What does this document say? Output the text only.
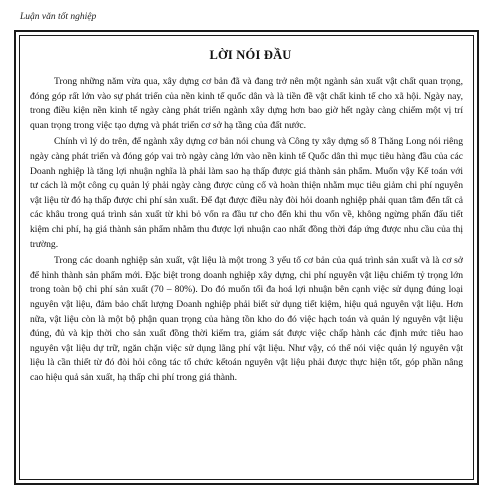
Luận văn tốt nghiệp
LỜI NÓI ĐẦU

Trong những năm vừa qua, xây dựng cơ bản đã và đang trở nên một ngành sản xuất vật chất quan trọng, đóng góp rất lớn vào sự phát triển của nền kinh tế quốc dân và là tiền đề vật chất kinh tế cho xã hội. Ngày nay, trong điều kiện nền kinh tế ngày càng phát triển ngành xây dựng hơn bao giờ hết ngày càng chiếm một vị trí quan trọng trong việc tạo dựng và phát triển cơ sở hạ tầng của đất nước.

Chính vì lý do trên, để ngành xây dựng cơ bản nói chung và Công ty xây dựng số 8 Thăng Long nói riêng ngày càng phát triển và đóng góp vai trò ngày càng lớn vào nền kinh tế Quốc dân thì mục tiêu hàng đầu của các Doanh nghiệp là tăng lợi nhuận nghĩa là phải làm sao hạ thấp được giá thành sản phẩm. Muốn vậy Kế toán với tư cách là một công cụ quản lý phải ngày càng được củng cố và hoàn thiện nhằm mục tiêu giảm chi phí nguyên vật liệu từ đó hạ thấp được chi phí sản xuất. Để đạt được điều này đòi hỏi doanh nghiệp phải quan tâm đến tất cả các khâu trong quá trình sản xuất từ khi bỏ vốn ra đầu tư cho đến khi thu vốn về, không ngừng phấn đấu tiết kiệm chi phí, hạ giá thành sản phẩm nhằm thu được lợi nhuận cao nhất đồng thời đáp ứng được nhu cầu của thị trường.

Trong các doanh nghiệp sản xuất, vật liệu là một trong 3 yếu tố cơ bản của quá trình sản xuất và là cơ sở để hình thành sản phẩm mới. Đặc biệt trong doanh nghiệp xây dựng, chi phí nguyên vật liệu chiếm tỷ trọng lớn trong toàn bộ chi phí sản xuất (70 – 80%). Do đó muốn tối đa hoá lợi nhuận bên cạnh việc sử dụng đúng loại nguyên vật liệu, đảm bảo chất lượng Doanh nghiệp phải biết sử dụng tiết kiệm, hiệu quả nguyên vật liệu. Hơn nữa, vật liệu còn là một bộ phận quan trọng của hàng tồn kho do đó việc hạch toán và quản lý nguyên vật liệu đúng, đủ và kịp thời cho sản xuất đồng thời kiểm tra, giám sát được việc chấp hành các định mức tiêu hao nguyên vật liệu dự trữ, ngăn chặn việc sử dụng lãng phí vật liệu. Như vậy, có thể nói việc quản lý nguyên vật liệu là cần thiết từ đó đòi hỏi công tác tổ chức kếtoán nguyên vật liệu phải được thực hiện tốt, góp phần nâng cao hiệu quả sản xuất, hạ thấp chi phí trong giá thành.
